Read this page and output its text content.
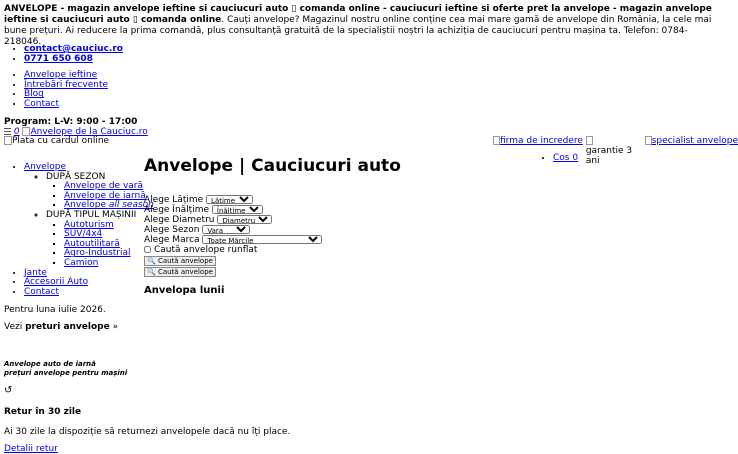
ANVELOPE - magazin anvelope ieftine si cauciucuri auto ▯ comanda online - cauciucuri ieftine si oferte pret la anvelope - magazin anvelope ieftine si cauciucuri auto ▯ comanda online. Cauți anvelope? Magazinul nostru online conține cea mai mare gamă de anvelope din România, la cele mai bune prețuri. Ai reducere la prima comandă, plus consultanță gratuită de la specialiștii noștri la achiziția de cauciucuri pentru mașina ta. Telefon: 0784-218046.
• contact@cauciuc.ro
• 0771 650 608
• Anvelope ieftine
• Întrebări frecvente
• Blog
• Contact
Program: L-V: 9:00 - 17:00
0 Anvelope de la Cauciuc.ro
Plata cu cardul online	firma de incredere garantie 3 ani specialist anvelope
• Cos 0
Anvelope | Cauciucuri auto
• Anvelope
◦ DUPĂ SEZON
▪ Anvelope de vară
▪ Anvelope de iarnă
▪ Anvelope all season
◦ DUPĂ TIPUL MAȘINII
▪ Autoturism
▪ SUV/4x4
▪ Autoutilitară
▪ Agro-Industrial
▪ Camion
• Jante
• Accesorii Auto
• Contact
Alege Lățime
Lățime
Alege Înălțime
Înălțime
Alege Diametru
Diametru
Alege Sezon
Vara
Alege Marca
Toate Mărcile
Caută anvelope runflat
🔍 Caută anvelope
🔍 Caută anvelope
Anvelopa lunii
Pentru luna iulie 2026.
Vezi preturi anvelope »
Anvelope auto de iarnă
prețuri anvelope pentru mașini
↺
Retur în 30 zile
Ai 30 zile la dispoziție să returnezi anvelopele dacă nu îți place.
Detalii retur
